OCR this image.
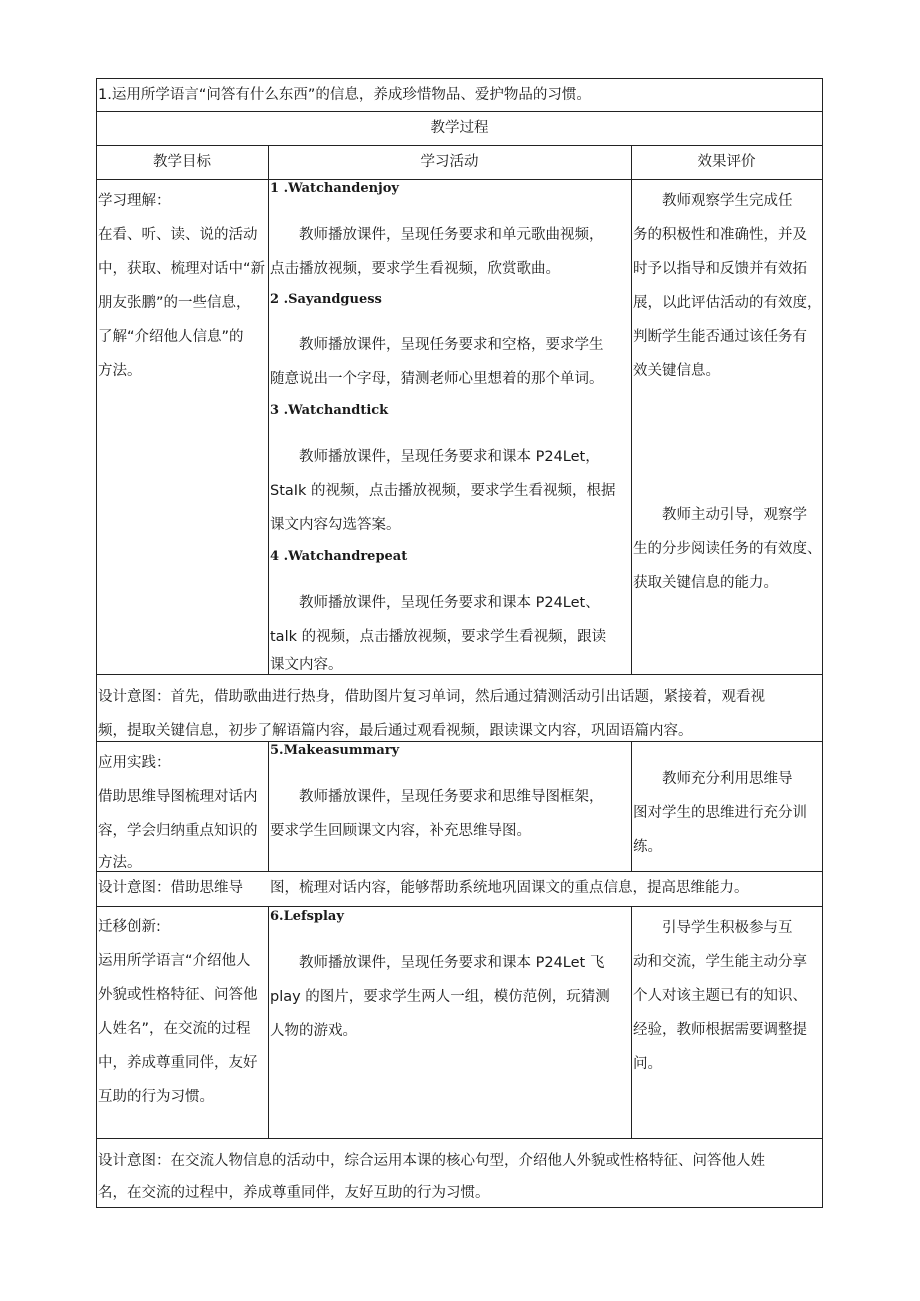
1.运用所学语言“问答有什么东西”的信息，养成珍惜物品、爱护物品的习惯。
教学过程
教学目标	学习活动	效果评价
学习理解：
在看、听、读、说的活动
中，获取、梳理对话中“新
朋友张鹏”的一些信息，
了解“介绍他人信息”的
方法。
1 .Watchandenjoy
教师播放课件，呈现任务要求和单元歌曲视频，
点击播放视频，要求学生看视频，欣赏歌曲。
2 .Sayandguess
教师播放课件，呈现任务要求和空格，要求学生
随意说出一个字母，猜测老师心里想着的那个单词。
3 .Watchandtick
教师播放课件，呈现任务要求和课本 P24Let，
StaIk 的视频，点击播放视频，要求学生看视频，根据
课文内容勾选答案。
4 .Watchandrepeat
教师播放课件，呈现任务要求和课本 P24Let、
talk 的视频，点击播放视频，要求学生看视频，跟读
课文内容。
教师观察学生完成任
务的积极性和准确性，并及
时予以指导和反馈并有效拓
展，以此评估活动的有效度，
判断学生能否通过该任务有
效关键信息。
教师主动引导，观察学
生的分步阅读任务的有效度、
获取关键信息的能力。
设计意图：首先，借助歌曲进行热身，借助图片复习单词，然后通过猜测活动引出话题，紧接着，观看视
频，提取关键信息，初步了解语篇内容，最后通过观看视频，跟读课文内容，巩固语篇内容。
应用实践：
借助思维导图梳理对话内
容，学会归纳重点知识的
方法。
5.Makeasummary
教师播放课件，呈现任务要求和思维导图框架，
要求学生回顾课文内容，补充思维导图。
教师充分利用思维导
图对学生的思维进行充分训
练。
设计意图：借助思维导 图，梳理对话内容，能够帮助系统地巩固课文的重点信息，提高思维能力。
迁移创新:
运用所学语言“介绍他人
外貌或性格特征、问答他
人姓名”，在交流的过程
中，养成尊重同伴，友好
互助的行为习惯。
6.Lefsplay
教师播放课件，呈现任务要求和课本 P24Let 飞
play 的图片，要求学生两人一组，模仿范例，玩猜测
人物的游戏。
引导学生积极参与互
动和交流，学生能主动分享
个人对该主题已有的知识、
经验，教师根据需要调整提
问。
设计意图：在交流人物信息的活动中，综合运用本课的核心句型，介绍他人外貌或性格特征、问答他人姓
名，在交流的过程中，养成尊重同伴，友好互助的行为习惯。
